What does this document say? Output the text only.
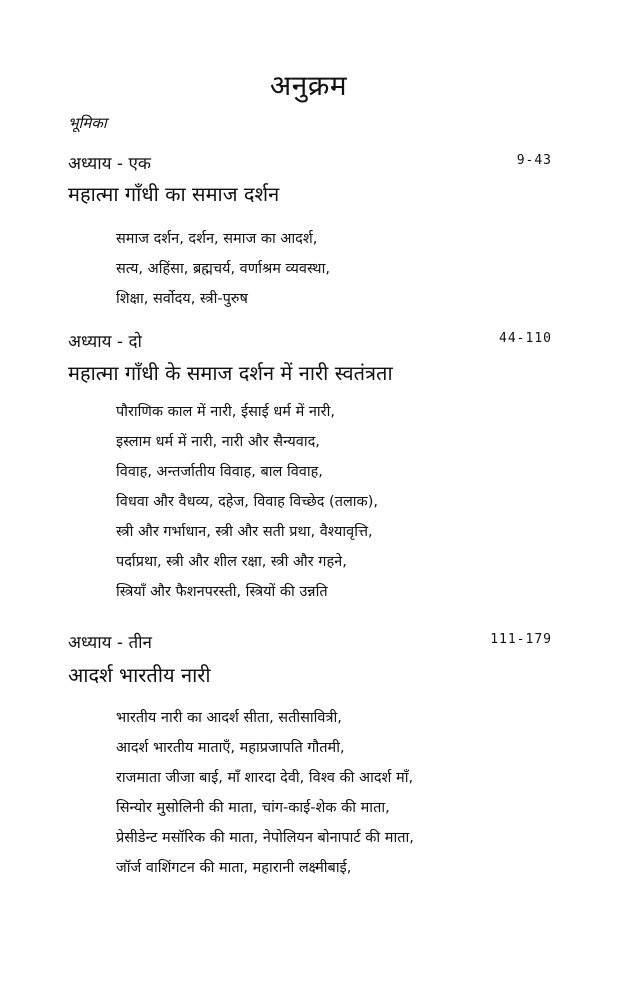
अनुक्रम
भूमिका
अध्याय - एक	9-43
महात्मा गाँधी का समाज दर्शन
समाज दर्शन, दर्शन, समाज का आदर्श,
सत्य, अहिंसा, ब्रह्मचर्य, वर्णाश्रम व्यवस्था,
शिक्षा, सर्वोदय, स्त्री-पुरुष
अध्याय - दो	44-110
महात्मा गाँधी के समाज दर्शन में नारी स्वतंत्रता
पौराणिक काल में नारी, ईसाई धर्म में नारी,
इस्लाम धर्म में नारी, नारी और सैन्यवाद,
विवाह, अन्तर्जातीय विवाह, बाल विवाह,
विधवा और वैधव्य, दहेज, विवाह विच्छेद (तलाक),
स्त्री और गर्भाधान, स्त्री और सती प्रथा, वैश्यावृत्ति,
पर्दाप्रथा, स्त्री और शील रक्षा, स्त्री और गहने,
स्त्रियाँ और फैशनपरस्ती, स्त्रियों की उन्नति
अध्याय - तीन	111-179
आदर्श भारतीय नारी
भारतीय नारी का आदर्श सीता, सतीसावित्री,
आदर्श भारतीय माताएँ, महाप्रजापति गौतमी,
राजमाता जीजा बाई, माँ शारदा देवी, विश्व की आदर्श माँ,
सिन्योर मुसोलिनी की माता, चांग-काई-शेक की माता,
प्रेसीडेन्ट मसॉरिक की माता, नेपोलियन बोनापार्ट की माता,
जॉर्ज वाशिंगटन की माता, महारानी लक्ष्मीबाई,
